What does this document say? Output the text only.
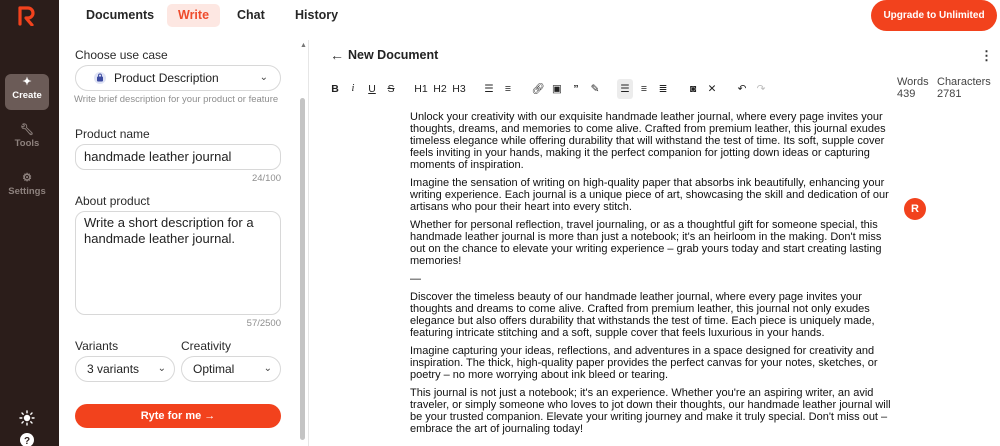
✦
Create
🔧︎
Tools
⚙︎
Settings
?
Documents	Write	Chat	History	Upgrade to Unlimited
Choose use case
Product Description	⌄
Write brief description for your product or feature
Product name
handmade leather journal
24/100
About product
Write a short description for a handmade leather journal.
57/2500
Variants	Creativity
3 variants ⌄	Optimal	⌄
Ryte for me →
▲
← New Document	⋮
B	i	U	S	H1 H2 H3	☰	≡	🔗︎ ▣	”	✎	☰	≡	≣	◙	✕	↶ ↷
Words
439
Characters
2781

Unlock your creativity with our exquisite handmade leather journal, where every page invites your thoughts, dreams, and memories to come alive. Crafted from premium leather, this journal exudes timeless elegance while offering durability that will withstand the test of time. Its soft, supple cover feels inviting in your hands, making it the perfect companion for jotting down ideas or capturing moments of inspiration.

Imagine the sensation of writing on high-quality paper that absorbs ink beautifully, enhancing your writing experience. Each journal is a unique piece of art, showcasing the skill and dedication of our artisans who pour their heart into every stitch.

Whether for personal reflection, travel journaling, or as a thoughtful gift for someone special, this handmade leather journal is more than just a notebook; it's an heirloom in the making. Don't miss out on the chance to elevate your writing experience – grab yours today and start creating lasting memories!

—

Discover the timeless beauty of our handmade leather journal, where every page invites your thoughts and dreams to come alive. Crafted from premium leather, this journal not only exudes elegance but also offers durability that withstands the test of time. Each piece is uniquely made, featuring intricate stitching and a soft, supple cover that feels luxurious in your hands.

Imagine capturing your ideas, reflections, and adventures in a space designed for creativity and inspiration. The thick, high-quality paper provides the perfect canvas for your notes, sketches, or poetry – no more worrying about ink bleed or tearing.

This journal is not just a notebook; it's an experience. Whether you're an aspiring writer, an avid traveler, or simply someone who loves to jot down their thoughts, our handmade leather journal will be your trusted companion. Elevate your writing journey and make it truly special. Don't miss out – embrace the art of journaling today!

R
